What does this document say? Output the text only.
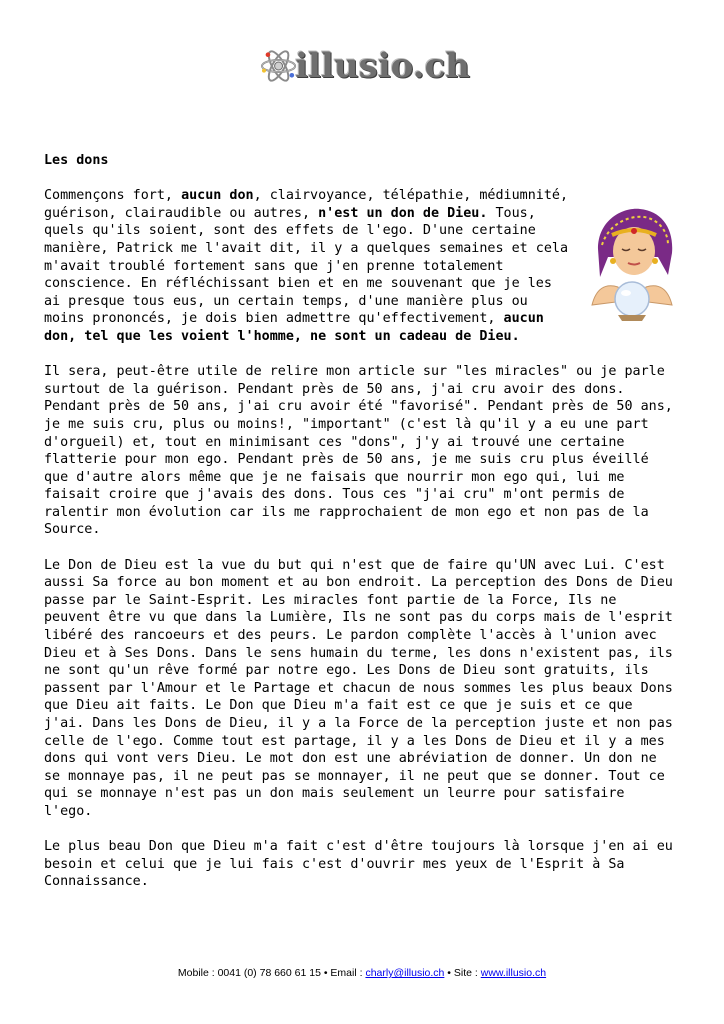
illusio.ch
Les dons

Commençons fort, aucun don, clairvoyance, télépathie, médiumnité, guérison, clairaudible ou autres, n'est un don de Dieu. Tous, quels qu'ils soient, sont des effets de l'ego. D'une certaine manière, Patrick me l'avait dit, il y a quelques semaines et cela m'avait troublé fortement sans que j'en prenne totalement conscience. En réfléchissant bien et en me souvenant que je les ai presque tous eus, un certain temps, d'une manière plus ou moins prononcés, je dois bien admettre qu'effectivement, aucun don, tel que les voient l'homme, ne sont un cadeau de Dieu.

Il sera, peut-être utile de relire mon article sur "les miracles" ou je parle surtout de la guérison. Pendant près de 50 ans, j'ai cru avoir des dons. Pendant près de 50 ans, j'ai cru avoir été "favorisé". Pendant près de 50 ans, je me suis cru, plus ou moins!, "important" (c'est là qu'il y a eu une part d'orgueil) et, tout en minimisant ces "dons", j'y ai trouvé une certaine flatterie pour mon ego. Pendant près de 50 ans, je me suis cru plus éveillé que d'autre alors même que je ne faisais que nourrir mon ego qui, lui me faisait croire que j'avais des dons. Tous ces "j'ai cru" m'ont permis de ralentir mon évolution car ils me rapprochaient de mon ego et non pas de la Source.

Le Don de Dieu est la vue du but qui n'est que de faire qu'UN avec Lui. C'est aussi Sa force au bon moment et au bon endroit. La perception des Dons de Dieu passe par le Saint-Esprit. Les miracles font partie de la Force, Ils ne peuvent être vu que dans la Lumière, Ils ne sont pas du corps mais de l'esprit libéré des rancoeurs et des peurs. Le pardon complète l'accès à l'union avec Dieu et à Ses Dons. Dans le sens humain du terme, les dons n'existent pas, ils ne sont qu'un rêve formé par notre ego. Les Dons de Dieu sont gratuits, ils passent par l'Amour et le Partage et chacun de nous sommes les plus beaux Dons que Dieu ait faits. Le Don que Dieu m'a fait est ce que je suis et ce que j'ai. Dans les Dons de Dieu, il y a la Force de la perception juste et non pas celle de l'ego. Comme tout est partage, il y a les Dons de Dieu et il y a mes dons qui vont vers Dieu. Le mot don est une abréviation de donner. Un don ne se monnaye pas, il ne peut pas se monnayer, il ne peut que se donner. Tout ce qui se monnaye n'est pas un don mais seulement un leurre pour satisfaire l'ego.

Le plus beau Don que Dieu m'a fait c'est d'être toujours là lorsque j'en ai eu besoin et celui que je lui fais c'est d'ouvrir mes yeux de l'Esprit à Sa Connaissance.

Mobile : 0041 (0) 78 660 61 15 • Email : charly@illusio.ch • Site : www.illusio.ch
